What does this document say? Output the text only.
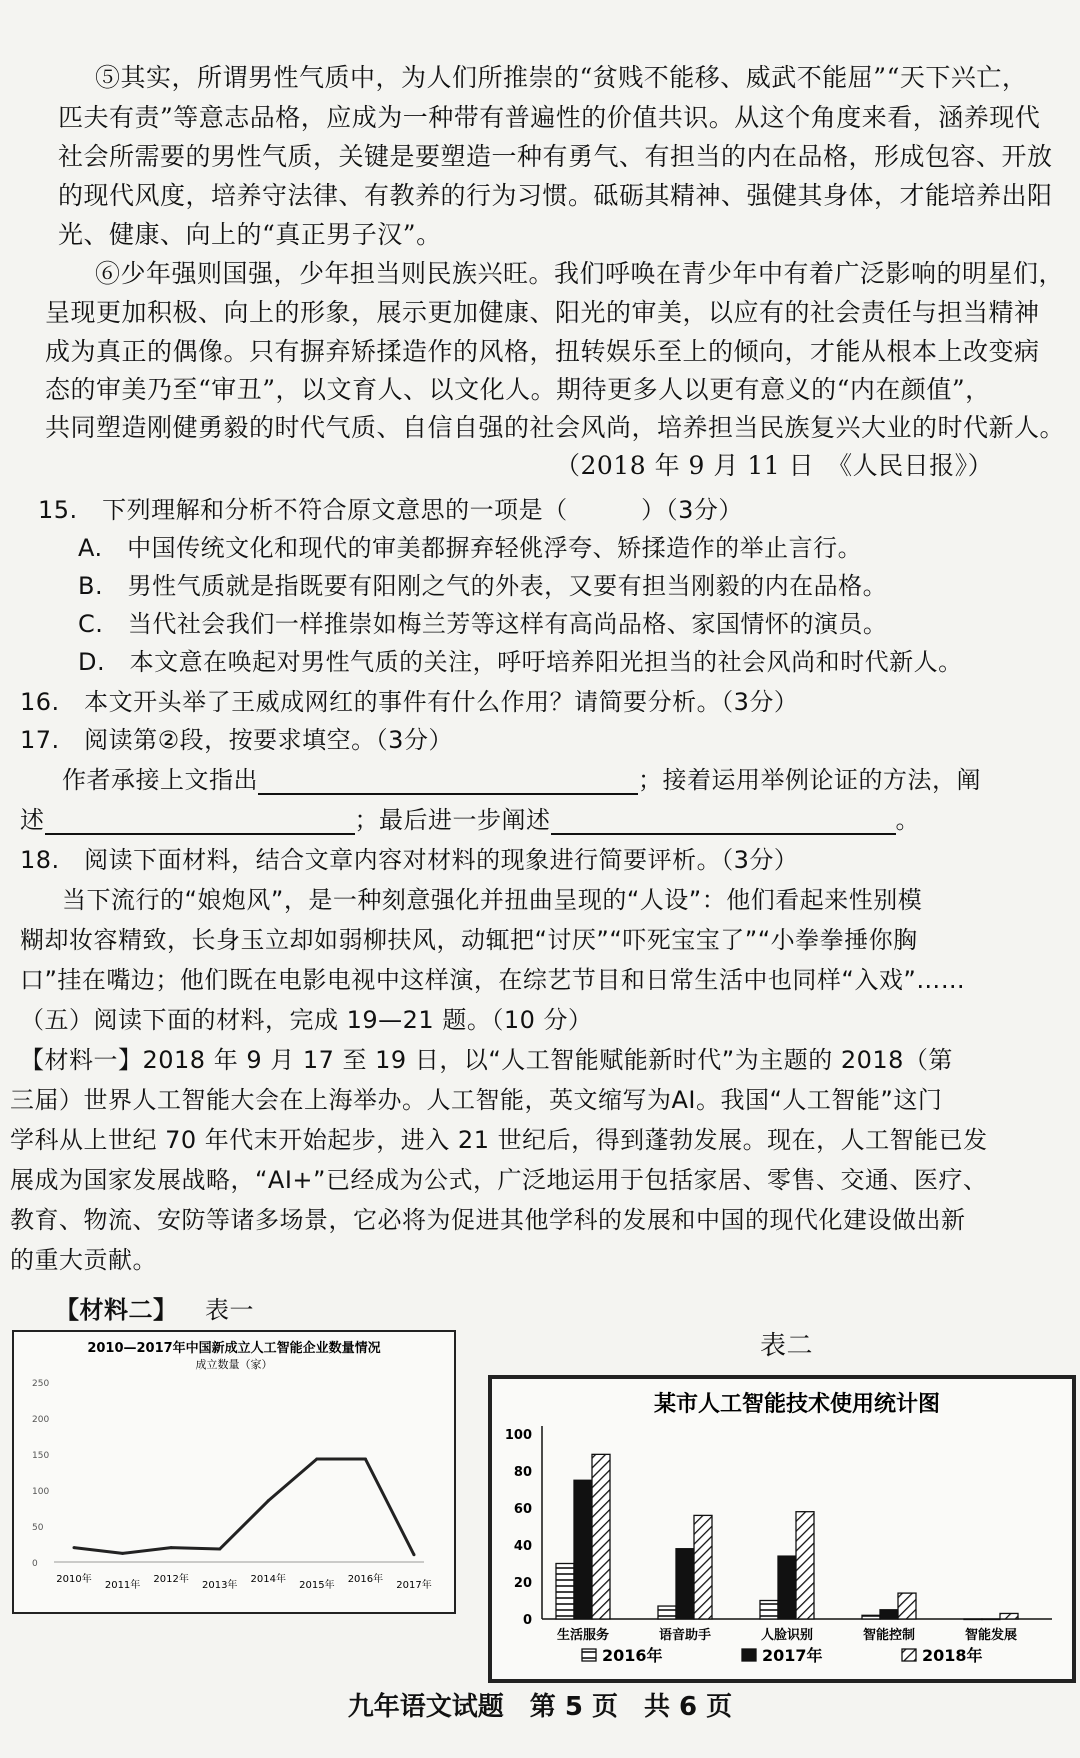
⑤其实，所谓男性气质中，为人们所推崇的“贫贱不能移、威武不能屈”“天下兴亡，
匹夫有责”等意志品格，应成为一种带有普遍性的价值共识。从这个角度来看，涵养现代
社会所需要的男性气质，关键是要塑造一种有勇气、有担当的内在品格，形成包容、开放
的现代风度，培养守法律、有教养的行为习惯。砥砺其精神、强健其身体，才能培养出阳
光、健康、向上的“真正男子汉”。
⑥少年强则国强，少年担当则民族兴旺。我们呼唤在青少年中有着广泛影响的明星们，
呈现更加积极、向上的形象，展示更加健康、阳光的审美，以应有的社会责任与担当精神
成为真正的偶像。只有摒弃矫揉造作的风格，扭转娱乐至上的倾向，才能从根本上改变病
态的审美乃至“审丑”，以文育人、以文化人。期待更多人以更有意义的“内在颜值”，
共同塑造刚健勇毅的时代气质、自信自强的社会风尚，培养担当民族复兴大业的时代新人。
（2018 年 9 月 11 日　《人民日报》）
15.　下列理解和分析不符合原文意思的一项是（　　　）（3分）
A.　中国传统文化和现代的审美都摒弃轻佻浮夸、矫揉造作的举止言行。
B.　男性气质就是指既要有阳刚之气的外表，又要有担当刚毅的内在品格。
C.　当代社会我们一样推崇如梅兰芳等这样有高尚品格、家国情怀的演员。
D.　本文意在唤起对男性气质的关注，呼吁培养阳光担当的社会风尚和时代新人。
16.　本文开头举了王威成网红的事件有什么作用？请简要分析。（3分）
17.　阅读第②段，按要求填空。（3分）
作者承接上文指出	；接着运用举例论证的方法，阐
述	；最后进一步阐述	。
18.　阅读下面材料，结合文章内容对材料的现象进行简要评析。（3分）
当下流行的“娘炮风”，是一种刻意强化并扭曲呈现的“人设”：他们看起来性别模
糊却妆容精致，长身玉立却如弱柳扶风，动辄把“讨厌”“吓死宝宝了”“小拳拳捶你胸
口”挂在嘴边；他们既在电影电视中这样演，在综艺节目和日常生活中也同样“入戏”……
（五）阅读下面的材料，完成 19—21 题。（10 分）
【材料一】2018 年 9 月 17 至 19 日，以“人工智能赋能新时代”为主题的 2018（第
三届）世界人工智能大会在上海举办。人工智能，英文缩写为AI。我国“人工智能”这门
学科从上世纪 70 年代末开始起步，进入 21 世纪后，得到蓬勃发展。现在，人工智能已发
展成为国家发展战略，“AI+”已经成为公式，广泛地运用于包括家居、零售、交通、医疗、
教育、物流、安防等诸多场景，它必将为促进其他学科的发展和中国的现代化建设做出新
的重大贡献。
【材料二】 表一
表二
2010—2017年中国新成立人工智能企业数量情况
成立数量（家）
0
50
100
150
200
250
2010年
2011年
2012年
2013年
2014年
2015年
2016年
2017年
某市人工智能技术使用统计图
0
20
40
60
80
100
生活服务	语音助手	人脸识别	智能控制	智能发展
2016年	2017年	2018年
九年语文试题　第 5 页　共 6 页
